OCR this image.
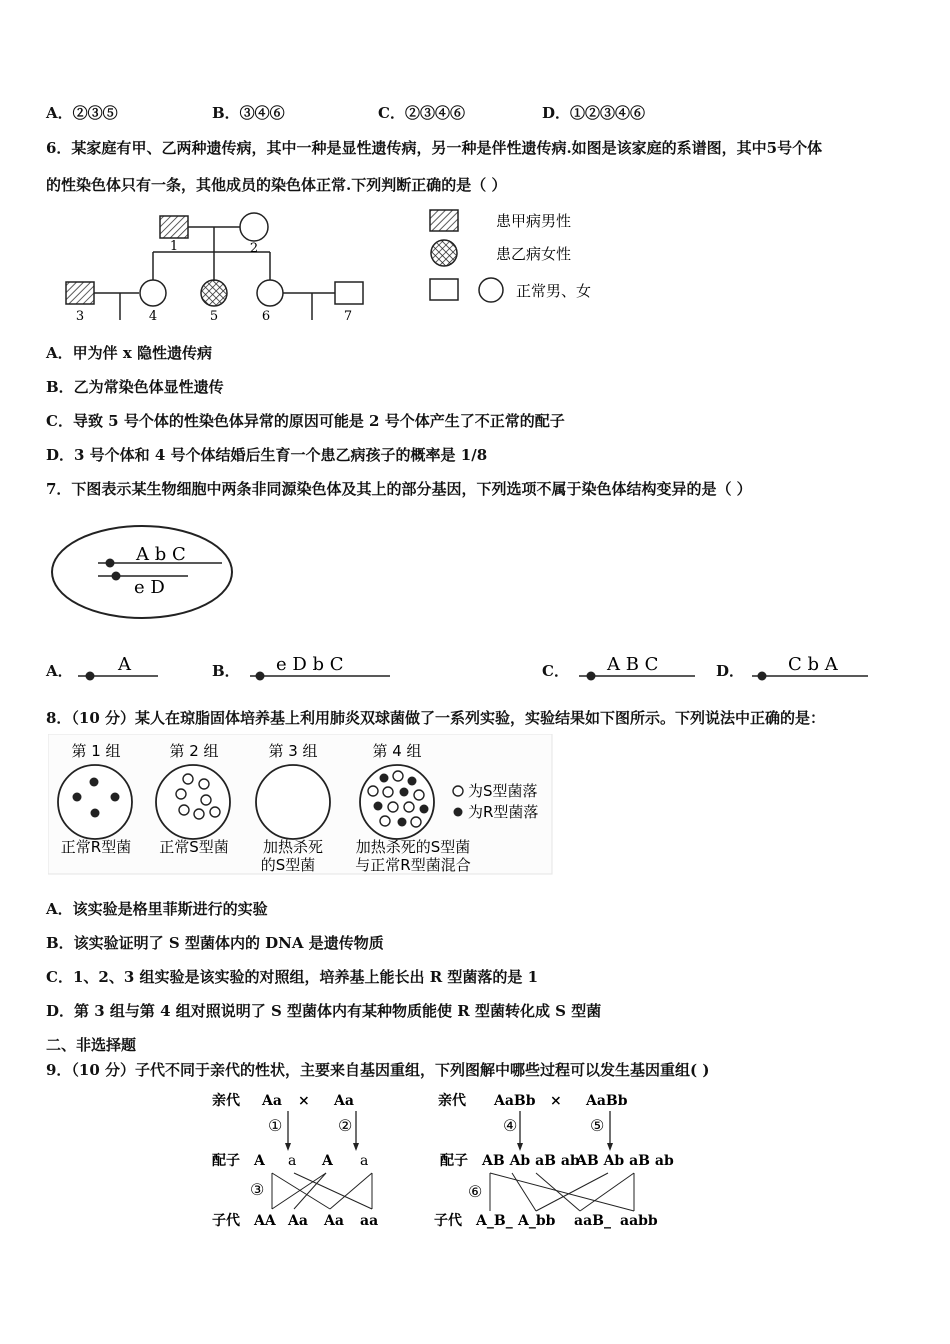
A．②③⑤	B．③④⑥	C．②③④⑥	D．①②③④⑥
6．某家庭有甲、乙两种遗传病，其中一种是显性遗传病，另一种是伴性遗传病.如图是该家庭的系谱图，其中5号个体
的性染色体只有一条，其他成员的染色体正常.下列判断正确的是（ ）
1	2
3	4	5	6	7
患甲病男性
患乙病女性
正常男、女
A．甲为伴 x 隐性遗传病
B．乙为常染色体显性遗传
C．导致 5 号个体的性染色体异常的原因可能是 2 号个体产生了不正常的配子
D．3 号个体和 4 号个体结婚后生育一个患乙病孩子的概率是 1/8
7．下图表示某生物细胞中两条非同源染色体及其上的部分基因，下列选项不属于染色体结构变异的是（ ）
A b C
e D
A．	A	B． e D b C	C． A B C	D． C b A
8．（10 分）某人在琼脂固体培养基上利用肺炎双球菌做了一系列实验，实验结果如下图所示。下列说法中正确的是：
第 1 组	第 2 组	第 3 组	第 4 组
为S型菌落
为R型菌落
正常R型菌 正常S型菌 加热杀死
的S型菌
加热杀死的S型菌
与正常R型菌混合
A．该实验是格里菲斯进行的实验
B．该实验证明了 S 型菌体内的 DNA 是遗传物质
C．1、2、3 组实验是该实验的对照组，培养基上能长出 R 型菌落的是 1
D．第 3 组与第 4 组对照说明了 S 型菌体内有某种物质能使 R 型菌转化成 S 型菌
二、非选择题
9．（10 分）子代不同于亲代的性状，主要来自基因重组，下列图解中哪些过程可以发生基因重组( )
亲代 Aa × Aa
①	②
配子 A a A a
③
子代 AA Aa Aa aa
亲代 AaBb × AaBb
④	⑤
配子 AB Ab aB ab
AB Ab aB ab
⑥
子代 A_B_ A_bb aaB_ aabb
